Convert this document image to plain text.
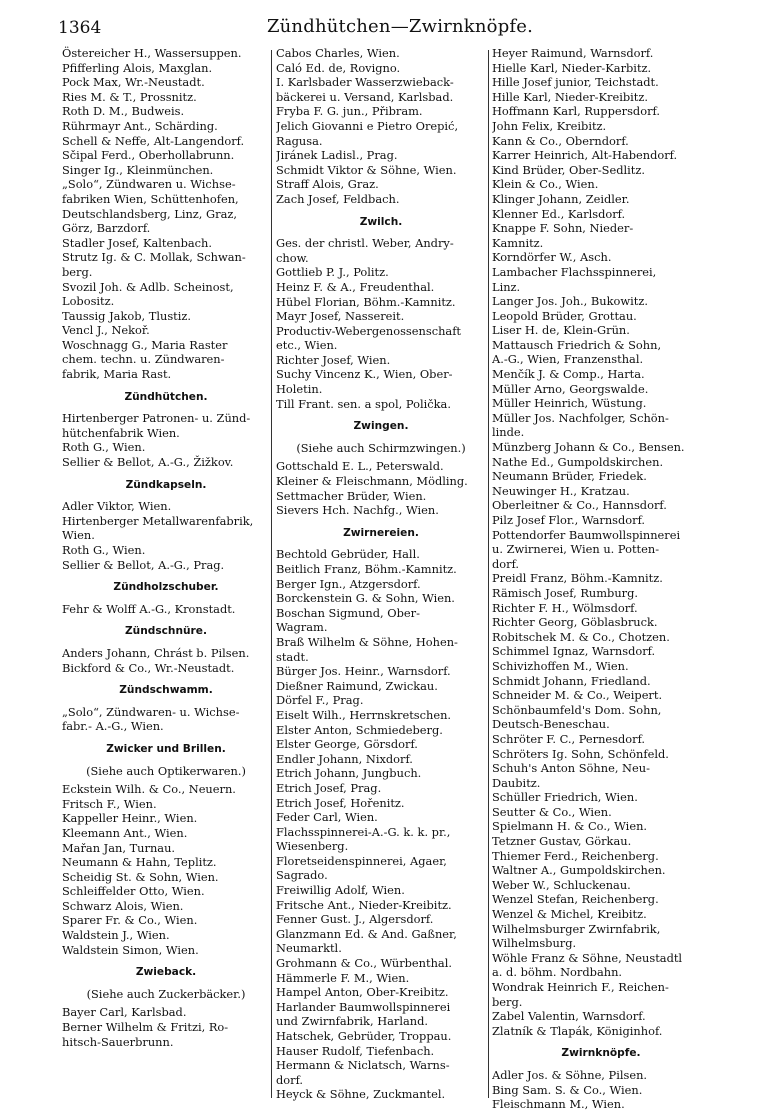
1364	Zündhütchen—Zwirnknöpfe.
Östereicher H., Wassersuppen.
Pfifferling Alois, Maxglan.
Pock Max, Wr.-Neustadt.
Ries M. & T., Prossnitz.
Roth D. M., Budweis.
Rührmayr Ant., Schärding.
Schell & Neffe, Alt-Langendorf.
Sčipal Ferd., Oberhollabrunn.
Singer Ig., Kleinmünchen.
„Solo“, Zündwaren u. Wichse-
fabriken Wien, Schüttenhofen,
Deutschlandsberg, Linz, Graz,
Görz, Barzdorf.
Stadler Josef, Kaltenbach.
Strutz Ig. & C. Mollak, Schwan-
berg.
Svozil Joh. & Adlb. Scheinost,
Lobositz.
Taussig Jakob, Tlustiz.
Vencl J., Nekoř.
Woschnagg G., Maria Raster
chem. techn. u. Zündwaren-
fabrik, Maria Rast.
Zündhütchen.
Hirtenberger Patronen- u. Zünd-
hütchenfabrik Wien.
Roth G., Wien.
Sellier & Bellot, A.-G., Žižkov.
Zündkapseln.
Adler Viktor, Wien.
Hirtenberger Metallwarenfabrik,
Wien.
Roth G., Wien.
Sellier & Bellot, A.-G., Prag.
Zündholzschuber.
Fehr & Wolff A.-G., Kronstadt.
Zündschnüre.
Anders Johann, Chrást b. Pilsen.
Bickford & Co., Wr.-Neustadt.
Zündschwamm.
„Solo“, Zündwaren- u. Wichse-
fabr.- A.-G., Wien.
Zwicker und Brillen.
(Siehe auch Optikerwaren.)
Eckstein Wilh. & Co., Neuern.
Fritsch F., Wien.
Kappeller Heinr., Wien.
Kleemann Ant., Wien.
Mařan Jan, Turnau.
Neumann & Hahn, Teplitz.
Scheidig St. & Sohn, Wien.
Schleiffelder Otto, Wien.
Schwarz Alois, Wien.
Sparer Fr. & Co., Wien.
Waldstein J., Wien.
Waldstein Simon, Wien.
Zwieback.
(Siehe auch Zuckerbäcker.)
Bayer Carl, Karlsbad.
Berner Wilhelm & Fritzi, Ro-
hitsch-Sauerbrunn.
Cabos Charles, Wien.
Caló Ed. de, Rovigno.
I. Karlsbader Wasserzwieback-
bäckerei u. Versand, Karlsbad.
Fryba F. G. jun., Přibram.
Jelich Giovanni e Pietro Orepić,
Ragusa.
Jiránek Ladisl., Prag.
Schmidt Viktor & Söhne, Wien.
Straff Alois, Graz.
Zach Josef, Feldbach.
Zwilch.
Ges. der christl. Weber, Andry-
chow.
Gottlieb P. J., Politz.
Heinz F. & A., Freudenthal.
Hübel Florian, Böhm.-Kamnitz.
Mayr Josef, Nassereit.
Productiv-Webergenossenschaft
etc., Wien.
Richter Josef, Wien.
Suchy Vincenz K., Wien, Ober-
Holetin.
Till Frant. sen. a spol, Polička.
Zwingen.
(Siehe auch Schirmzwingen.)
Gottschald E. L., Peterswald.
Kleiner & Fleischmann, Mödling.
Settmacher Brüder, Wien.
Sievers Hch. Nachfg., Wien.
Zwirnereien.
Bechtold Gebrüder, Hall.
Beitlich Franz, Böhm.-Kamnitz.
Berger Ign., Atzgersdorf.
Borckenstein G. & Sohn, Wien.
Boschan Sigmund, Ober-
Wagram.
Braß Wilhelm & Söhne, Hohen-
stadt.
Bürger Jos. Heinr., Warnsdorf.
Dießner Raimund, Zwickau.
Dörfel F., Prag.
Eiselt Wilh., Herrnskretschen.
Elster Anton, Schmiedeberg.
Elster George, Görsdorf.
Endler Johann, Nixdorf.
Etrich Johann, Jungbuch.
Etrich Josef, Prag.
Etrich Josef, Hořenitz.
Feder Carl, Wien.
Flachsspinnerei-A.-G. k. k. pr.,
Wiesenberg.
Floretseidenspinnerei, Agaer,
Sagrado.
Freiwillig Adolf, Wien.
Fritsche Ant., Nieder-Kreibitz.
Fenner Gust. J., Algersdorf.
Glanzmann Ed. & And. Gaßner,
Neumarktl.
Grohmann & Co., Würbenthal.
Hämmerle F. M., Wien.
Hampel Anton, Ober-Kreibitz.
Harlander Baumwollspinnerei
und Zwirnfabrik, Harland.
Hatschek, Gebrüder, Troppau.
Hauser Rudolf, Tiefenbach.
Hermann & Niclatsch, Warns-
dorf.
Heyck & Söhne, Zuckmantel.
Heyer Raimund, Warnsdorf.
Hielle Karl, Nieder-Karbitz.
Hille Josef junior, Teichstadt.
Hille Karl, Nieder-Kreibitz.
Hoffmann Karl, Ruppersdorf.
John Felix, Kreibitz.
Kann & Co., Oberndorf.
Karrer Heinrich, Alt-Habendorf.
Kind Brüder, Ober-Sedlitz.
Klein & Co., Wien.
Klinger Johann, Zeidler.
Klenner Ed., Karlsdorf.
Knappe F. Sohn, Nieder-
Kamnitz.
Korndörfer W., Asch.
Lambacher Flachsspinnerei,
Linz.
Langer Jos. Joh., Bukowitz.
Leopold Brüder, Grottau.
Liser H. de, Klein-Grün.
Mattausch Friedrich & Sohn,
A.-G., Wien, Franzensthal.
Menčík J. & Comp., Harta.
Müller Arno, Georgswalde.
Müller Heinrich, Wüstung.
Müller Jos. Nachfolger, Schön-
linde.
Münzberg Johann & Co., Bensen.
Nathe Ed., Gumpoldskirchen.
Neumann Brüder, Friedek.
Neuwinger H., Kratzau.
Oberleitner & Co., Hannsdorf.
Pilz Josef Flor., Warnsdorf.
Pottendorfer Baumwollspinnerei
u. Zwirnerei, Wien u. Potten-
dorf.
Preidl Franz, Böhm.-Kamnitz.
Rämisch Josef, Rumburg.
Richter F. H., Wölmsdorf.
Richter Georg, Göblasbruck.
Robitschek M. & Co., Chotzen.
Schimmel Ignaz, Warnsdorf.
Schivizhoffen M., Wien.
Schmidt Johann, Friedland.
Schneider M. & Co., Weipert.
Schönbaumfeld's Dom. Sohn,
Deutsch-Beneschau.
Schröter F. C., Pernesdorf.
Schröters Ig. Sohn, Schönfeld.
Schuh's Anton Söhne, Neu-
Daubitz.
Schüller Friedrich, Wien.
Seutter & Co., Wien.
Spielmann H. & Co., Wien.
Tetzner Gustav, Görkau.
Thiemer Ferd., Reichenberg.
Waltner A., Gumpoldskirchen.
Weber W., Schluckenau.
Wenzel Stefan, Reichenberg.
Wenzel & Michel, Kreibitz.
Wilhelmsburger Zwirnfabrik,
Wilhelmsburg.
Wöhle Franz & Söhne, Neustadtl
a. d. böhm. Nordbahn.
Wondrak Heinrich F., Reichen-
berg.
Zabel Valentin, Warnsdorf.
Zlatník & Tlapák, Königinhof.
Zwirnknöpfe.
Adler Jos. & Söhne, Pilsen.
Bing Sam. S. & Co., Wien.
Fleischmann M., Wien.
